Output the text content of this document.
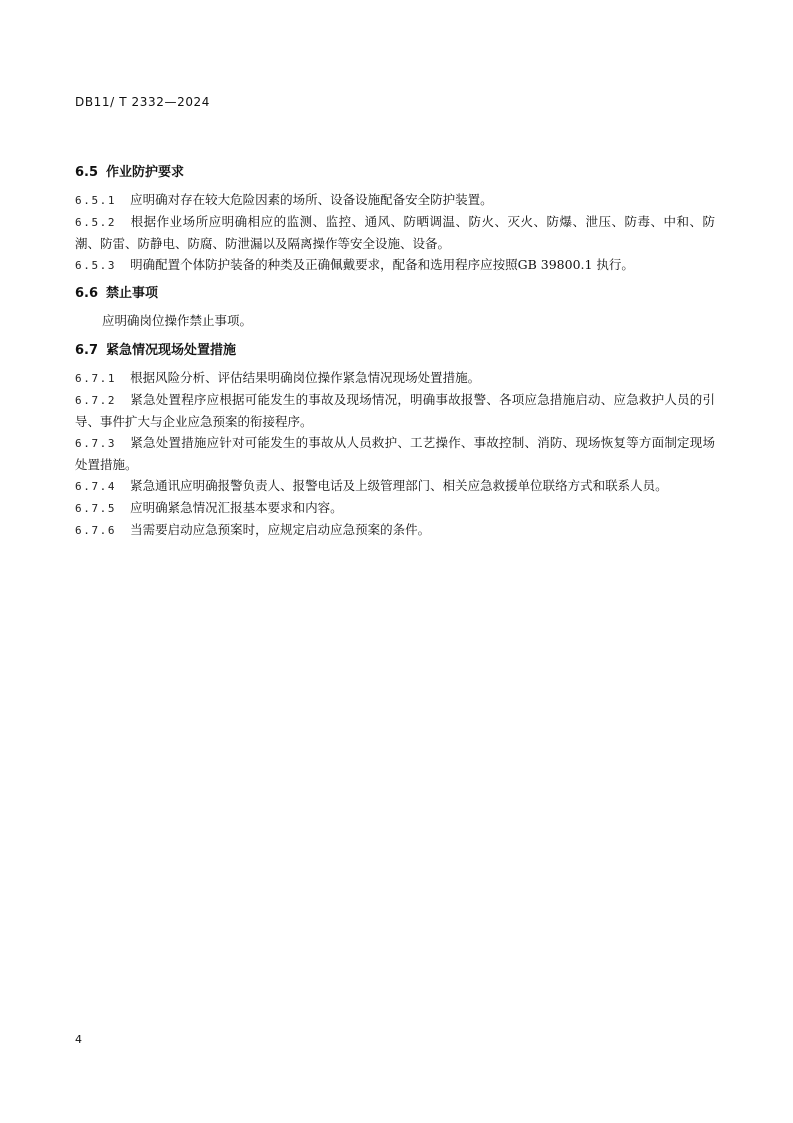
DB11/ T 2332—2024
6.5 作业防护要求

6.5.1 应明确对存在较大危险因素的场所、设备设施配备安全防护装置。

6.5.2 根据作业场所应明确相应的监测、监控、通风、防晒调温、防火、灭火、防爆、泄压、防毒、中和、防潮、防雷、防静电、防腐、防泄漏以及隔离操作等安全设施、设备。

6.5.3 明确配置个体防护装备的种类及正确佩戴要求，配备和选用程序应按照GB 39800.1 执行。

6.6 禁止事项

应明确岗位操作禁止事项。

6.7 紧急情况现场处置措施

6.7.1 根据风险分析、评估结果明确岗位操作紧急情况现场处置措施。

6.7.2 紧急处置程序应根据可能发生的事故及现场情况，明确事故报警、各项应急措施启动、应急救护人员的引导、事件扩大与企业应急预案的衔接程序。

6.7.3 紧急处置措施应针对可能发生的事故从人员救护、工艺操作、事故控制、消防、现场恢复等方面制定现场处置措施。

6.7.4 紧急通讯应明确报警负责人、报警电话及上级管理部门、相关应急救援单位联络方式和联系人员。

6.7.5 应明确紧急情况汇报基本要求和内容。

6.7.6 当需要启动应急预案时，应规定启动应急预案的条件。

4
